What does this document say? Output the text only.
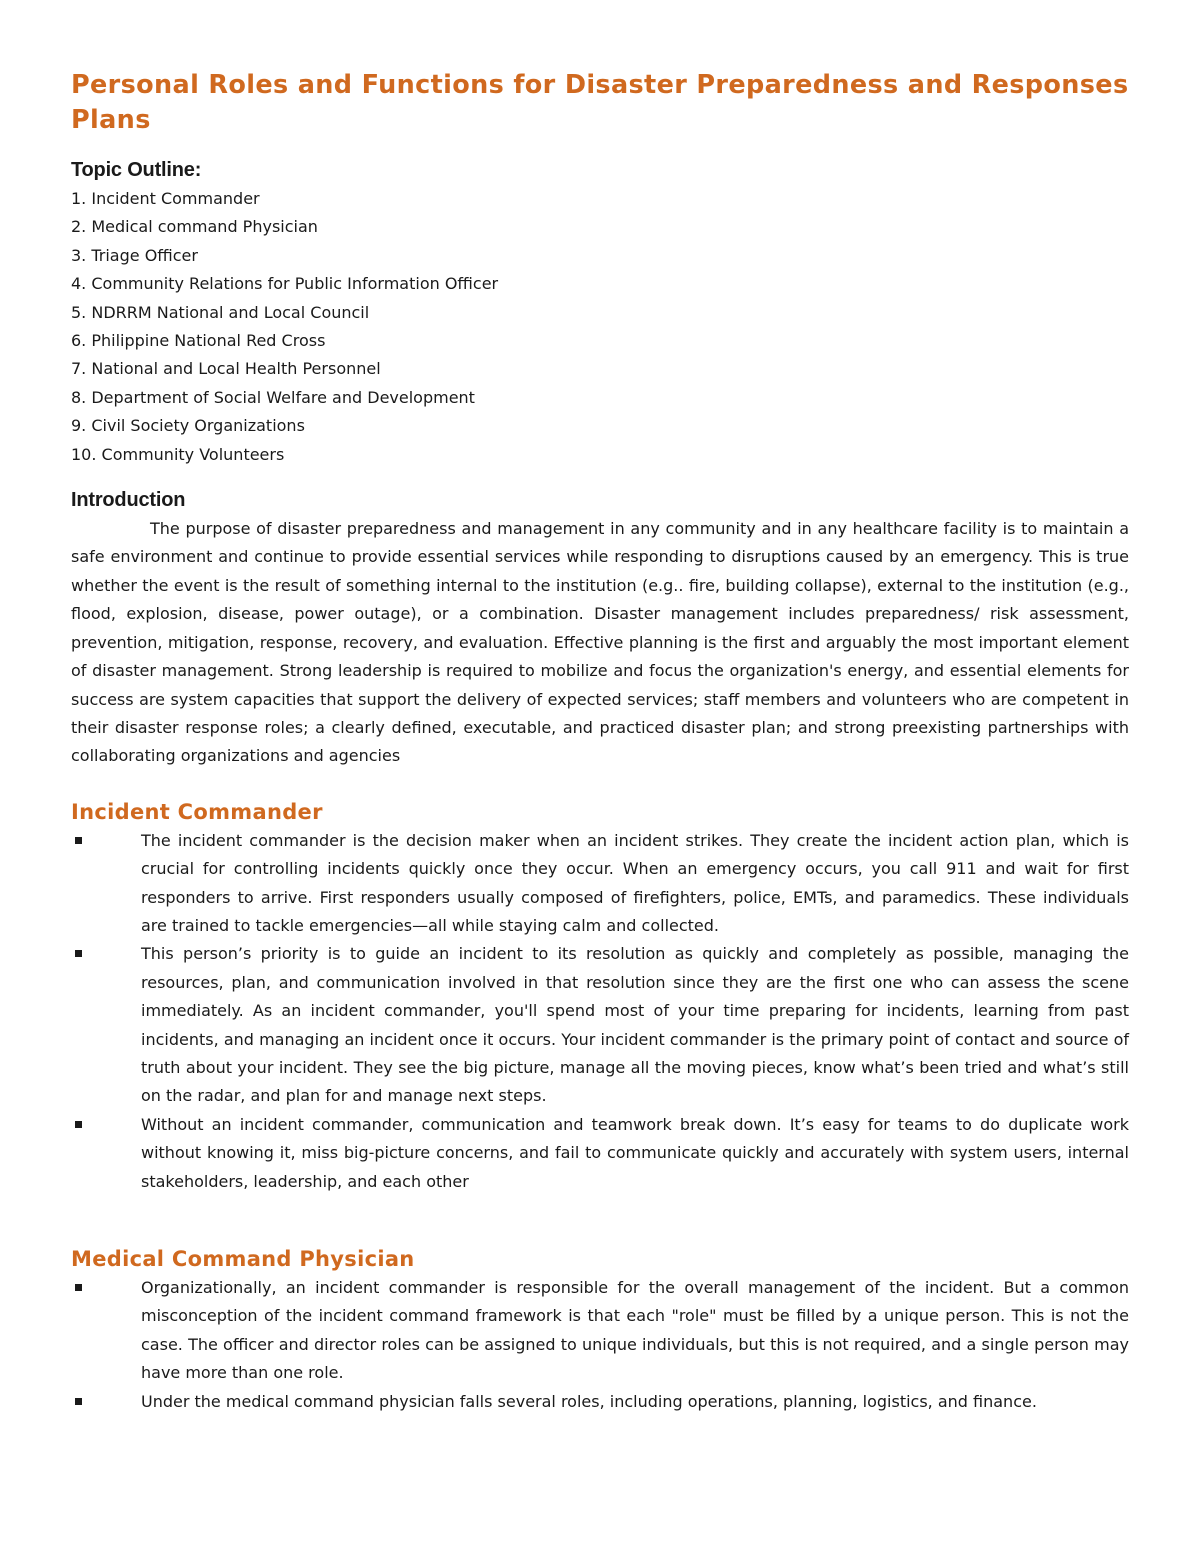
Personal Roles and Functions for Disaster Preparedness and Responses Plans
Topic Outline:
1. Incident Commander
2. Medical command Physician
3. Triage Officer
4. Community Relations for Public Information Officer
5. NDRRM National and Local Council
6. Philippine National Red Cross
7. National and Local Health Personnel
8. Department of Social Welfare and Development
9. Civil Society Organizations
10. Community Volunteers
Introduction

The purpose of disaster preparedness and management in any community and in any healthcare facility is to maintain a safe environment and continue to provide essential services while responding to disruptions caused by an emergency. This is true whether the event is the result of something internal to the institution (e.g.. fire, building collapse), external to the institution (e.g., flood, explosion, disease, power outage), or a combination. Disaster management includes preparedness/ risk assessment, prevention, mitigation, response, recovery, and evaluation. Effective planning is the first and arguably the most important element of disaster management. Strong leadership is required to mobilize and focus the organization's energy, and essential elements for success are system capacities that support the delivery of expected services; staff members and volunteers who are competent in their disaster response roles; a clearly defined, executable, and practiced disaster plan; and strong preexisting partnerships with collaborating organizations and agencies

Incident Commander
The incident commander is the decision maker when an incident strikes. They create the incident action plan, which is crucial for controlling incidents quickly once they occur. When an emergency occurs, you call 911 and wait for first responders to arrive. First responders usually composed of firefighters, police, EMTs, and paramedics. These individuals are trained to tackle emergencies—all while staying calm and collected.
This person’s priority is to guide an incident to its resolution as quickly and completely as possible, managing the resources, plan, and communication involved in that resolution since they are the first one who can assess the scene immediately. As an incident commander, you'll spend most of your time preparing for incidents, learning from past incidents, and managing an incident once it occurs. Your incident commander is the primary point of contact and source of truth about your incident. They see the big picture, manage all the moving pieces, know what’s been tried and what’s still on the radar, and plan for and manage next steps.
Without an incident commander, communication and teamwork break down. It’s easy for teams to do duplicate work without knowing it, miss big-picture concerns, and fail to communicate quickly and accurately with system users, internal stakeholders, leadership, and each other
Medical Command Physician
Organizationally, an incident commander is responsible for the overall management of the incident. But a common misconception of the incident command framework is that each "role" must be filled by a unique person. This is not the case. The officer and director roles can be assigned to unique individuals, but this is not required, and a single person may have more than one role.
Under the medical command physician falls several roles, including operations, planning, logistics, and finance.
